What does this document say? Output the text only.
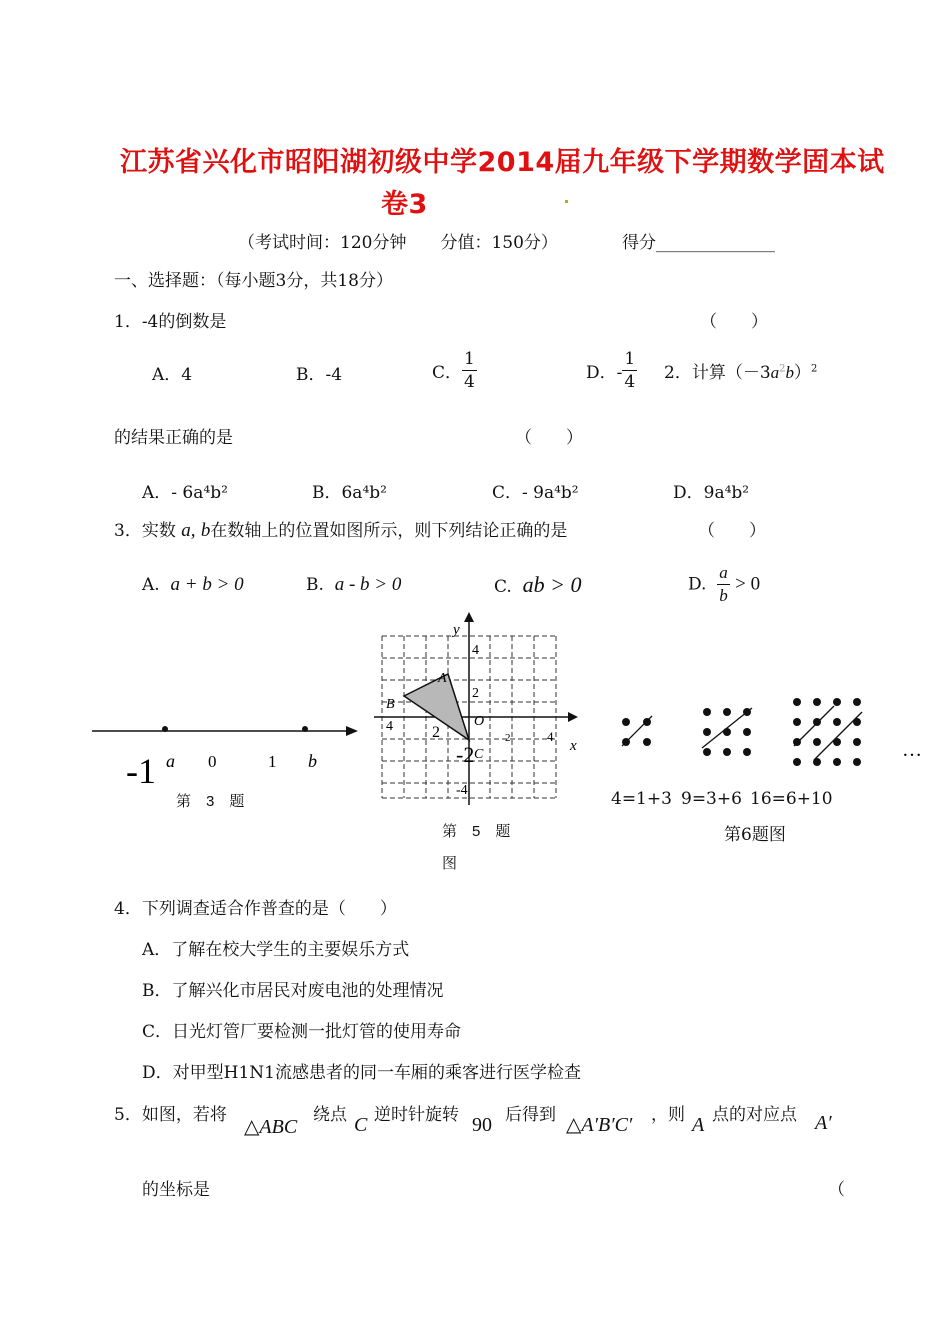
江苏省兴化市昭阳湖初级中学2014届九年级下学期数学固本试
卷3
（考试时间：120分钟　　分值：150分）	得分______________
一、选择题：（每小题3分，共18分）
1．-4的倒数是	（　　）
A．4	B．-4	C． $\frac{1}{4}$	D．- $\frac{1}{4} 2$．计算$(-3a^2b)^2$
的结果正确的是	（　　）
A．- 6a⁴b²	B．6a⁴b²	C．- 9a⁴b²	D．9a⁴b²
3．实数 a, b在数轴上的位置如图所示，则下列结论正确的是	（　　）
A. a + b > 0	B. a - b > 0	C. ab > 0	D. $\frac{a}{b} > 0$
-1 a 0	1 b
第　3　题
y
x
A
B
C
O
4
2
-2
-4
4 2	2	4
第　5　题
图
…
4=1+3 9=3+6 16=6+10
第6题图
4．下列调查适合作普查的是（　　）
A．了解在校大学生的主要娱乐方式
B．了解兴化市居民对废电池的处理情况
C．日光灯管厂要检测一批灯管的使用寿命
D．对甲型H1N1流感患者的同一车厢的乘客进行医学检查
5．如图，若将
△ABC
绕点 C 逆时针旋转 90 后得到 △A′B′C′ ，则 A 点的对应点 A′
的坐标是	（
